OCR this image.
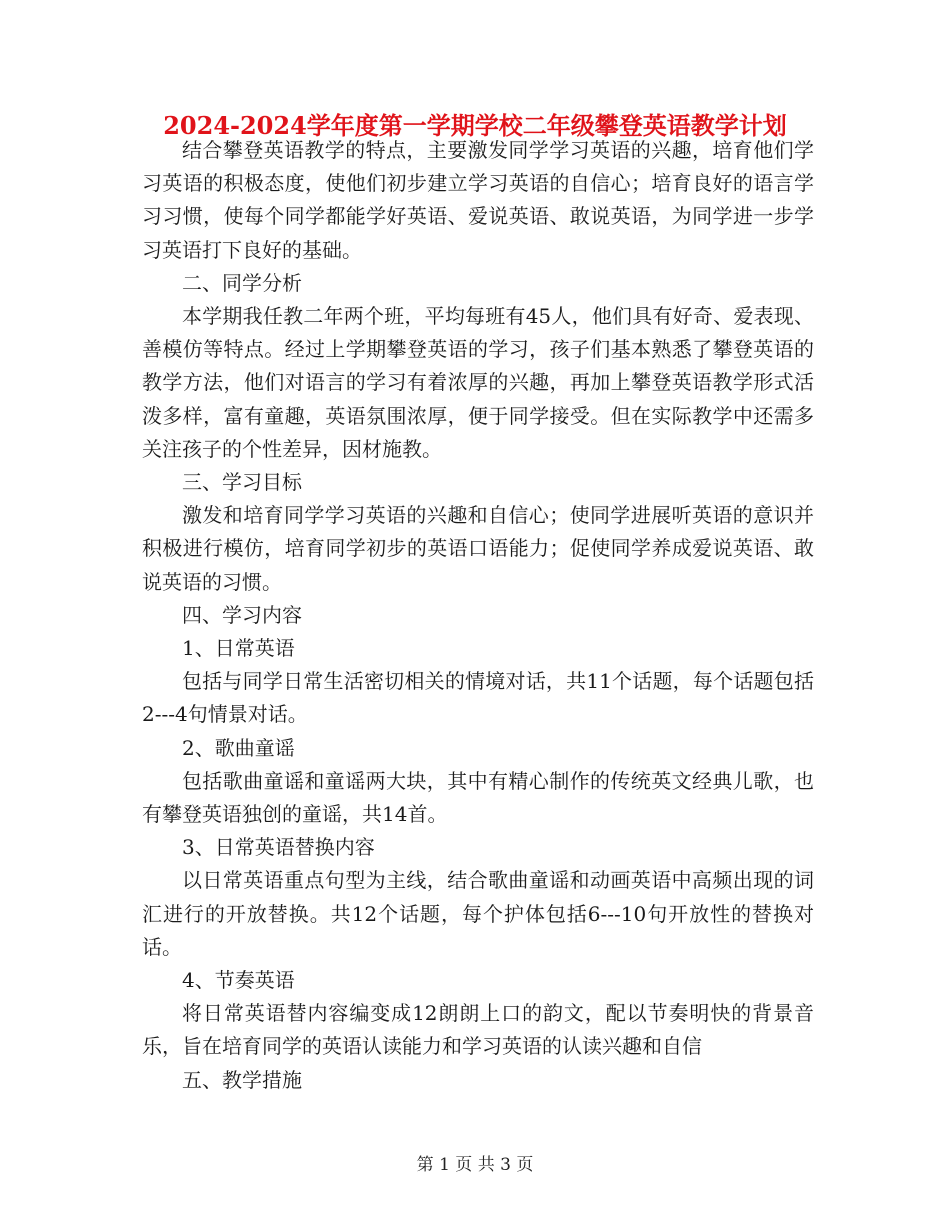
2024-2024学年度第一学期学校二年级攀登英语教学计划

结合攀登英语教学的特点，主要激发同学学习英语的兴趣，培育他们学习英语的积极态度，使他们初步建立学习英语的自信心；培育良好的语言学习习惯，使每个同学都能学好英语、爱说英语、敢说英语，为同学进一步学习英语打下良好的基础。

二、同学分析

本学期我任教二年两个班，平均每班有45人，他们具有好奇、爱表现、善模仿等特点。经过上学期攀登英语的学习，孩子们基本熟悉了攀登英语的教学方法，他们对语言的学习有着浓厚的兴趣，再加上攀登英语教学形式活泼多样，富有童趣，英语氛围浓厚，便于同学接受。但在实际教学中还需多关注孩子的个性差异，因材施教。

三、学习目标

激发和培育同学学习英语的兴趣和自信心；使同学进展听英语的意识并积极进行模仿，培育同学初步的英语口语能力；促使同学养成爱说英语、敢说英语的习惯。

四、学习内容

1、日常英语

包括与同学日常生活密切相关的情境对话，共11个话题，每个话题包括2---4句情景对话。

2、歌曲童谣

包括歌曲童谣和童谣两大块，其中有精心制作的传统英文经典儿歌，也有攀登英语独创的童谣，共14首。

3、日常英语替换内容

以日常英语重点句型为主线，结合歌曲童谣和动画英语中高频出现的词汇进行的开放替换。共12个话题，每个护体包括6---10句开放性的替换对话。

4、节奏英语

将日常英语替内容编变成12朗朗上口的韵文，配以节奏明快的背景音乐，旨在培育同学的英语认读能力和学习英语的认读兴趣和自信

五、教学措施

第 1 页 共 3 页
